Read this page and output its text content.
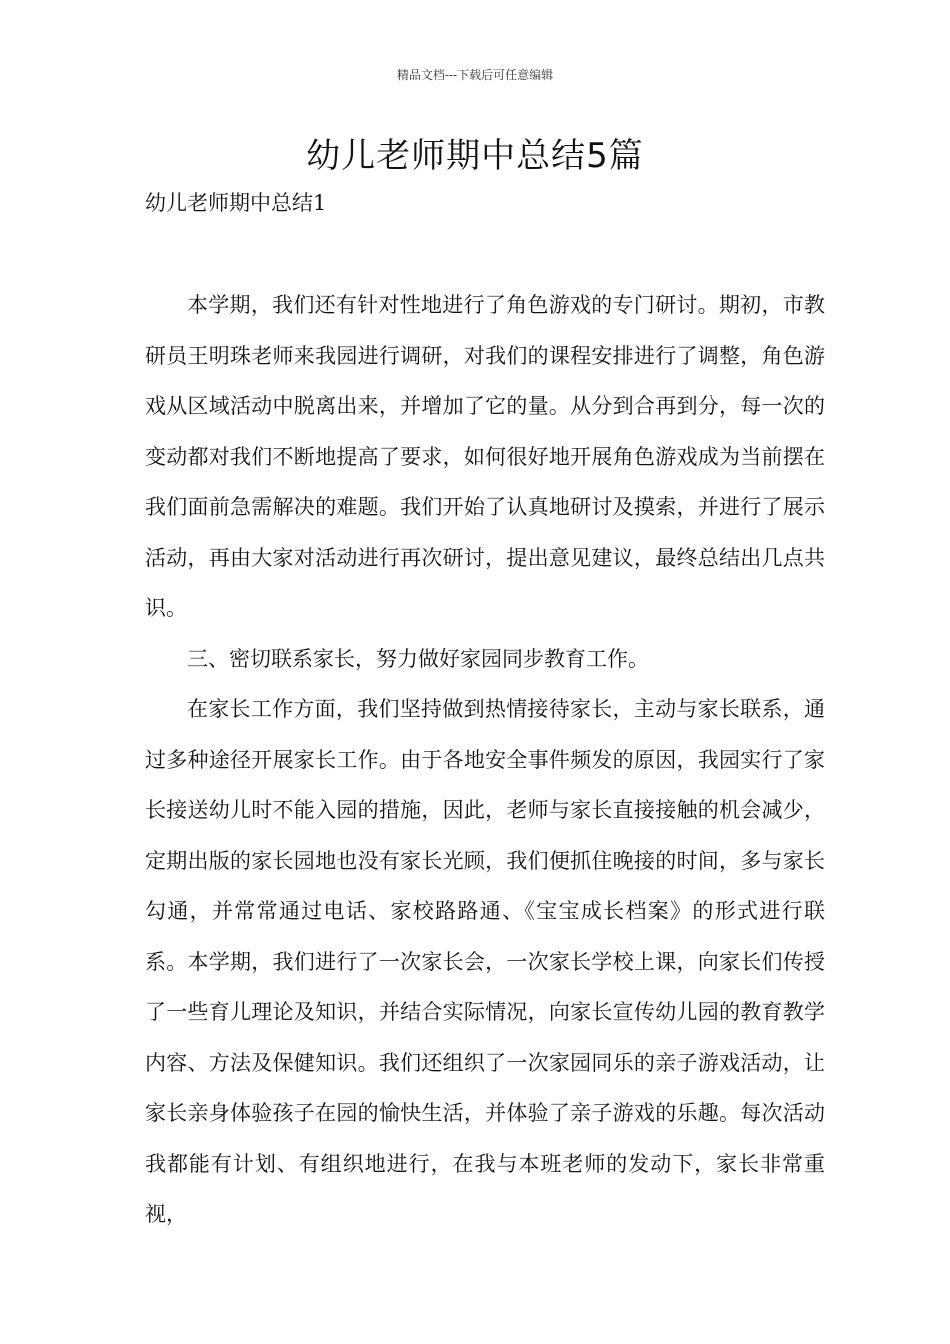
精品文档---下载后可任意编辑
幼儿老师期中总结5篇
幼儿老师期中总结1

本学期，我们还有针对性地进行了角色游戏的专门研讨。期初，市教研员王明珠老师来我园进行调研，对我们的课程安排进行了调整，角色游戏从区域活动中脱离出来，并增加了它的量。从分到合再到分，每一次的变动都对我们不断地提高了要求，如何很好地开展角色游戏成为当前摆在我们面前急需解决的难题。我们开始了认真地研讨及摸索，并进行了展示活动，再由大家对活动进行再次研讨，提出意见建议，最终总结出几点共识。

三、密切联系家长，努力做好家园同步教育工作。

在家长工作方面，我们坚持做到热情接待家长，主动与家长联系，通过多种途径开展家长工作。由于各地安全事件频发的原因，我园实行了家长接送幼儿时不能入园的措施，因此，老师与家长直接接触的机会减少，定期出版的家长园地也没有家长光顾，我们便抓住晚接的时间，多与家长勾通，并常常通过电话、家校路路通、《宝宝成长档案》的形式进行联系。本学期，我们进行了一次家长会，一次家长学校上课，向家长们传授了一些育儿理论及知识，并结合实际情况，向家长宣传幼儿园的教育教学内容、方法及保健知识。我们还组织了一次家园同乐的亲子游戏活动，让家长亲身体验孩子在园的愉快生活，并体验了亲子游戏的乐趣。每次活动我都能有计划、有组织地进行，在我与本班老师的发动下，家长非常重视，
